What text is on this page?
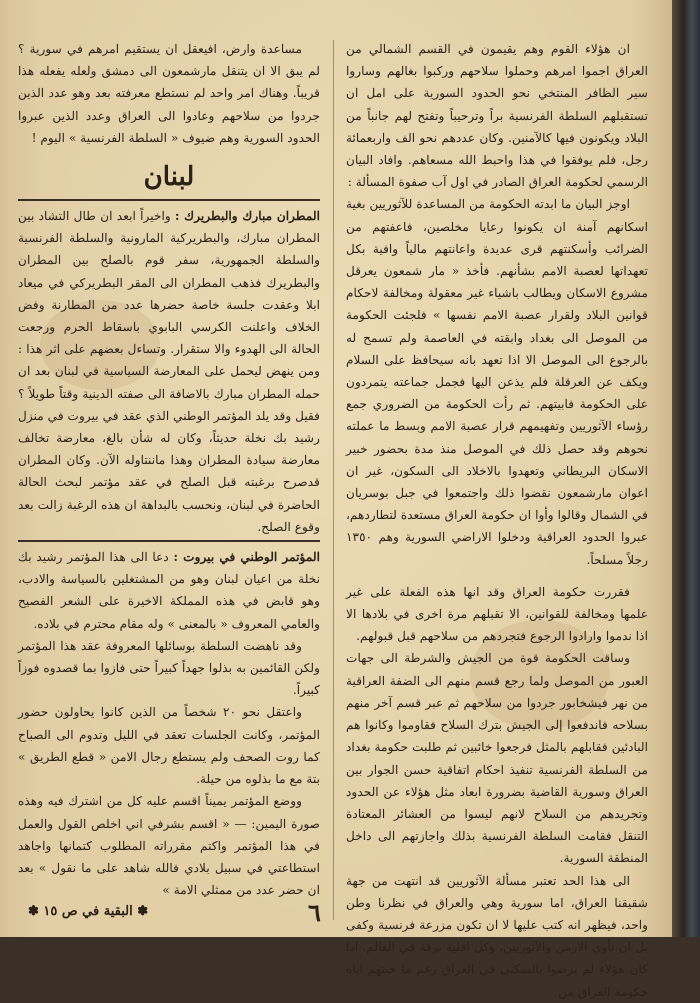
ان هؤلاء القوم وهم يقيمون في القسم الشمالي من العراق اجموا امرهم وحملوا سلاحهم وركبوا بغالهم وساروا سير الظافر المنتخي نحو الحدود السورية على امل ان تستقبلهم السلطة الفرنسية براً وترحيباً وتفتح لهم جانباً من البلاد ويكونون فيها كالآمنين. وكان عددهم نحو الف واربعمائة رجل، فلم يوفقوا في هذا واحبط الله مسعاهم. وافاد البيان الرسمي لحكومة العراق الصادر في اول آب صفوة المسألة :

اوجز البيان ما ابدته الحكومة من المساعدة للآثوريين بغية اسكانهم آمنة ان يكونوا رعايا مخلصين، فاعفتهم من الضرائب وأسكنتهم قرى عديدة واعانتهم مالياً وافية بكل تعهداتها لعصبة الامم بشأنهم. فأخذ « مار شمعون يعرقل مشروع الاسكان ويطالب باشياء غير معقولة ومخالفة لاحكام قوانين البلاد ولقرار عصبة الامم نفسها » فلجئت الحكومة من الموصل الى بغداد وابقته في العاصمة ولم تسمح له بالرجوع الى الموصل الا اذا تعهد بانه سيحافظ على السلام ويكف عن العرقلة فلم يذعن اليها فجمل جماعته يتمردون على الحكومة فابيتهم. ثم رأت الحكومة من الضروري جمع رؤساء الآثوريين وتفهيمهم قرار عصبة الامم وبسط ما عملته نحوهم وقد حصل ذلك في الموصل منذ مدة بحضور خبير الاسكان البريطاني وتعهدوا بالاخلاد الى السكون، غير ان اعوان مارشمعون نقضوا ذلك واجتمعوا في جبل بوسريان في الشمال وقالوا وأوا ان حكومة العراق مستعدة لتطاردهم، عبروا الحدود العراقية ودخلوا الاراضي السورية وهم ١٣٥٠ رجلاً مسلحاً.

فقررت حكومة العراق وقد انها هذه الفعلة على غير علمها ومخالفة للقوانين، الا تقبلهم مرة اخرى في بلادها الا اذا ندموا وارادوا الرجوع فتجردهم من سلاحهم قبل قبولهم.

وساقت الحكومة قوة من الجيش والشرطة الى جهات العبور من الموصل ولما رجع قسم منهم الى الضفة العراقية من نهر فيشخابور جردوا من سلاحهم ثم عبر قسم آخر منهم بسلاحه فاندفعوا إلى الجيش بترك السلاح فقاوموا وكانوا هم البادئين فقابلهم بالمثل فرجعوا خائبين ثم طلبت حكومة بغداد من السلطة الفرنسية تنفيذ احكام اتفاقية حسن الجوار بين العراق وسورية القاضية بضرورة ابعاد مثل هؤلاء عن الحدود وتجريدهم من السلاح لانهم ليسوا من العشائر المعتادة التنقل فقامت السلطة الفرنسية بذلك واجازتهم الى داخل المنطقة السورية.

الى هذا الحد تعتبر مسألة الآثوريين قد انتهت من جهة شقيقنا العراق، اما سورية وهي والعراق في نظرنا وطن واحد، فيظهر انه كتب عليها لا ان تكون مزرعة فرنسية وكفى بل ان تأوي الارمن والآثوريين، وكل اقلية نزقة في العالم. اذا كان هؤلاء لم يرضوا بالسكنى في العراق رغم ما حبتهم اياه حكومة العراق من

مساعدة وارض، افيعقل ان يستقيم امرهم في سورية ؟ لم يبق الا ان يتنقل مارشمعون الى دمشق ولعله يفعله هذا قريباً. وهناك امر واحد لم نستطع معرفته بعد وهو عدد الذين جردوا من سلاحهم وعادوا الى العراق وعدد الذين عبروا الحدود السورية وهم ضيوف « السلطة الفرنسية » اليوم !

لبنان

المطران مبارك والبطريرك : واخيراً ابعد ان طال التشاد بين المطران مبارك، والبطريركية المارونية والسلطة الفرنسية والسلطة الجمهورية، سفر قوم بالصلح بين المطران والبطريرك فذهب المطران الى المقر البطريركي في ميعاد ابلا وعقدت جلسة خاصة حضرها عدد من المطارنة وفض الخلاف واعلنت الكرسي البابوي باسقاط الحرم ورجعت الحالة الى الهدوء والا ستقرار. وتساءل بعضهم على اثر هذا : ومن ينهض ليحمل على المعارضة السياسية في لبنان بعد ان حمله المطران مبارك بالاضافة الى صفته الدينية وقتاً طويلاً ؟ فقيل وقد يلد المؤتمر الوطني الذي عقد في بيروت في منزل رشيد بك نخلة حديثاً، وكان له شأن بالغ، معارضة تخالف معارضة سيادة المطران وهذا ماننتاوله الآن. وكان المطران قدصرح برغبته قبل الصلح في عقد مؤتمر لبحث الحالة الحاضرة في لبنان، ونحسب بالبداهة ان هذه الرغبة زالت بعد وقوع الصلح.

المؤتمر الوطني في بيروت : دعا الى هذا المؤتمر رشيد بك نخلة من اعيان لبنان وهو من المشتغلين بالسياسة والادب، وهو قابض في هذه المملكة الاخيرة على الشعر الفصيح والعامي المعروف « بالمعنى » وله مقام محترم في بلاده.

وقد ناهضت السلطة بوسائلها المعروفة عقد هذا المؤتمر ولكن القائمين به بذلوا جهداً كبيراً حتى فازوا بما قصدوه فوزاً كبيراً.

واعتقل نحو ٢٠ شخصاً من الذين كانوا يحاولون حضور المؤتمر، وكانت الجلسات تعقد في الليل وتدوم الى الصباح كما روت الصحف ولم يستطع رجال الامن « قطع الطريق » بتة مع ما بذلوه من حيلة.

ووضع المؤتمر يميناً اقسم عليه كل من اشترك فيه وهذه صورة اليمين: — « اقسم بشرفي اني اخلص القول والعمل في هذا المؤتمر واكتم مقرراته المطلوب كتمانها واجاهد استطاعتي في سبيل بلادي فالله شاهد على ما نقول » بعد ان حضر عدد من ممثلي الامة »

٦
✽ البقية في ص ١٥ ✽
